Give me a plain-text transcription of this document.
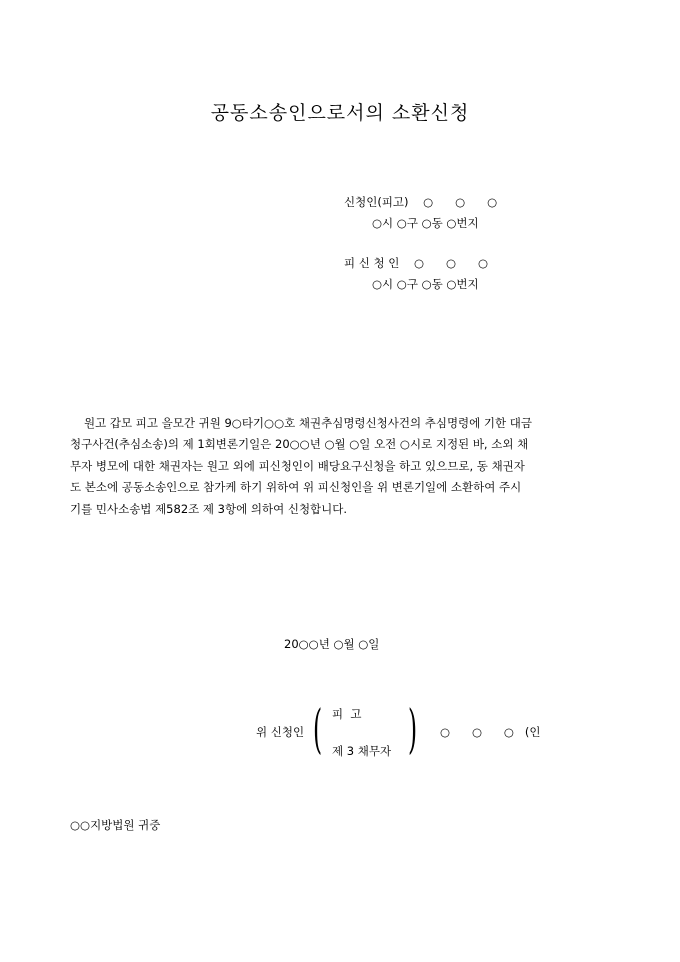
공동소송인으로서의 소환신청
신청인(피고)    ○      ○      ○
○시 ○구 ○동 ○번지
피 신 청 인    ○      ○      ○
○시 ○구 ○동 ○번지
원고 갑모 피고 을모간 귀원 9○타기○○호 채권추심명령신청사건의 추심명령에 기한 대금
청구사건(추심소송)의 제 1회변론기일은 20○○년 ○월 ○일 오전 ○시로 지정된 바, 소외 채
무자 병모에 대한 채권자는 원고 외에 피신청인이 배당요구신청을 하고 있으므로, 동 채권자
도 본소에 공동소송인으로 참가케 하기 위하여 위 피신청인을 위 변론기일에 소환하여 주시
기를 민사소송법 제582조 제 3항에 의하여 신청합니다.
20○○년 ○월 ○일
위 신청인 ( 피  고
제 3 채무자 ) ○      ○      ○   (인
○○지방법원 귀중
